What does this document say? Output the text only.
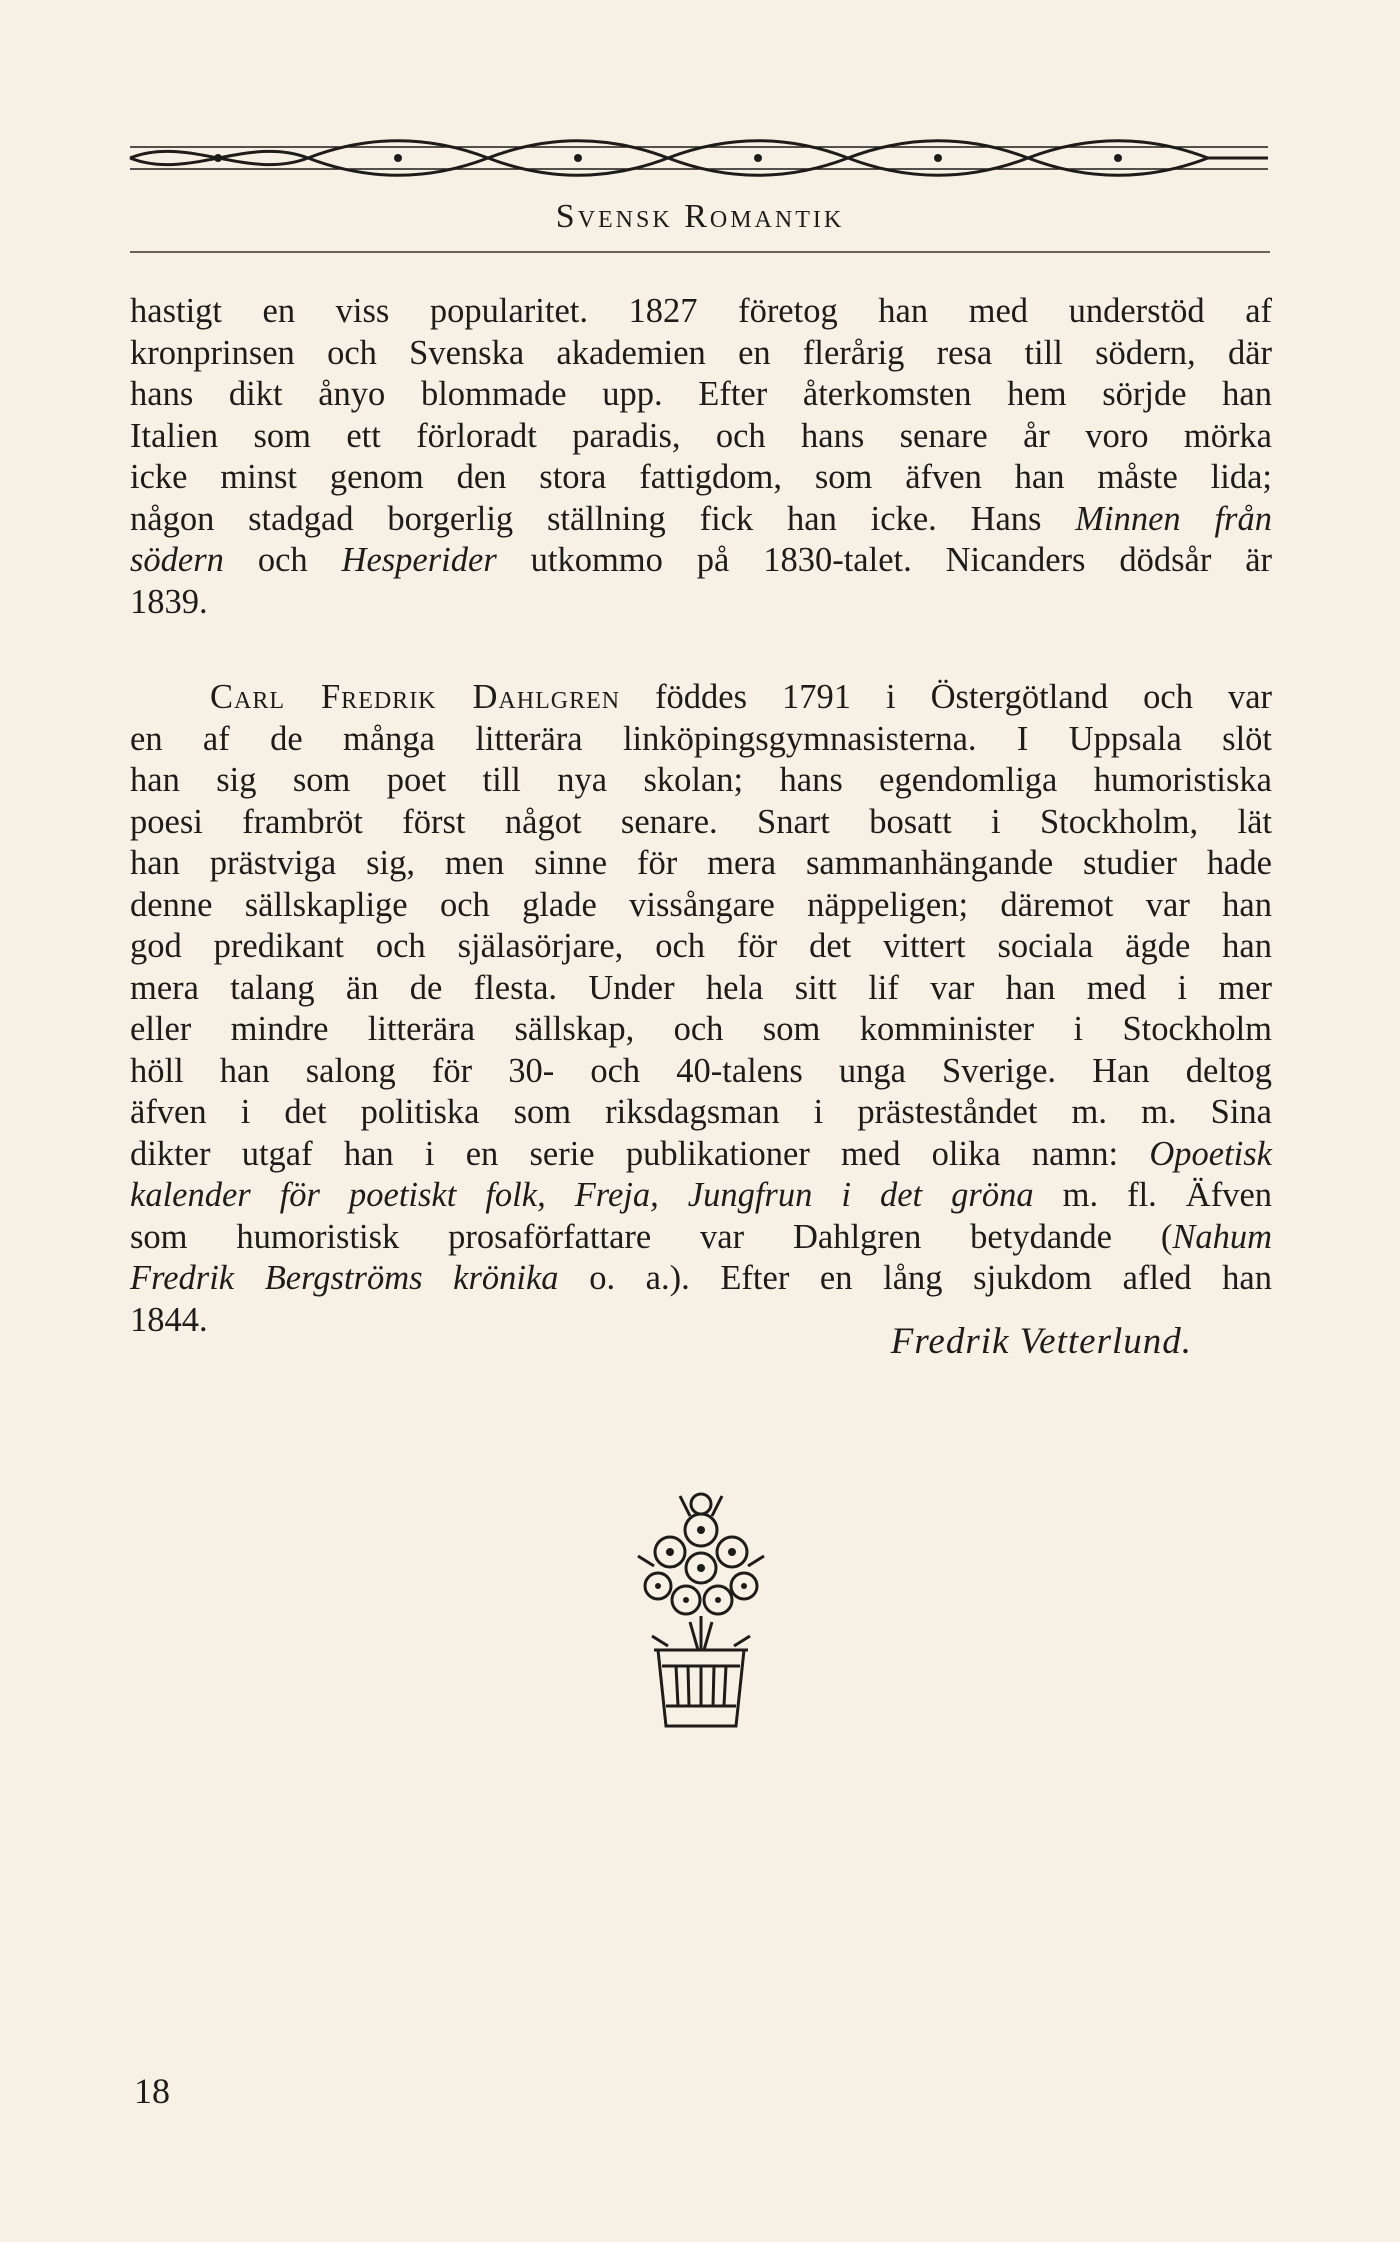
Svensk Romantik
hastigt en viss popularitet. 1827 företog han med understöd af
kronprinsen och Svenska akademien en flerårig resa till södern, där
hans dikt ånyo blommade upp. Efter återkomsten hem sörjde han
Italien som ett förloradt paradis, och hans senare år voro mörka
icke minst genom den stora fattigdom, som äfven han måste lida;
någon stadgad borgerlig ställning fick han icke. Hans Minnen från
södern och Hesperider utkommo på 1830-talet. Nicanders dödsår är
1839.
Carl Fredrik Dahlgren föddes 1791 i Östergötland och var
en af de många litterära linköpingsgymnasisterna. I Uppsala slöt
han sig som poet till nya skolan; hans egendomliga humoristiska
poesi frambröt först något senare. Snart bosatt i Stockholm, lät
han prästviga sig, men sinne för mera sammanhängande studier hade
denne sällskaplige och glade vissångare näppeligen; däremot var han
god predikant och själasörjare, och för det vittert sociala ägde han
mera talang än de flesta. Under hela sitt lif var han med i mer
eller mindre litterära sällskap, och som komminister i Stockholm
höll han salong för 30- och 40-talens unga Sverige. Han deltog
äfven i det politiska som riksdagsman i prästeståndet m. m. Sina
dikter utgaf han i en serie publikationer med olika namn: Opoetisk
kalender för poetiskt folk, Freja, Jungfrun i det gröna m. fl. Äfven
som humoristisk prosaförfattare var Dahlgren betydande (Nahum
Fredrik Bergströms krönika o. a.). Efter en lång sjukdom afled han
1844.
Fredrik Vetterlund.
18
